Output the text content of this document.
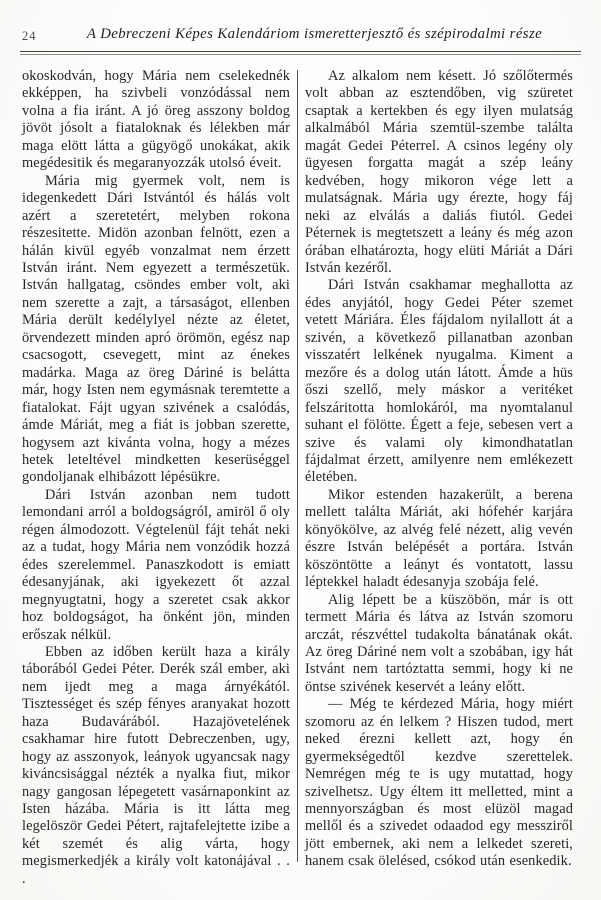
24	A Debreczeni Képes Kalendáriom ismeretterjesztő és szépirodalmi része

okoskodván, hogy Mária nem cselekednék ekképpen, ha szivbeli vonzódással nem volna a fia iránt. A jó öreg asszony boldog jövöt jósolt a fiataloknak és lélekben már maga elött látta a gügyögő unokákat, akik megédesitik és megaranyozzák utolsó éveit.

Mária mig gyermek volt, nem is idegenkedett Dári Istvántól és hálás volt azért a szeretetért, melyben rokona részesitette. Midön azonban felnött, ezen a hálán kivül egyéb vonzalmat nem érzett István iránt. Nem egyezett a természetük. István hallgatag, csöndes ember volt, aki nem szerette a zajt, a társaságot, ellenben Mária derült kedélylyel nézte az életet, örvendezett minden apró örömön, egész nap csacsogott, csevegett, mint az énekes madárka. Maga az öreg Dáriné is belátta már, hogy Isten nem egymásnak teremtette a fiatalokat. Fájt ugyan szivének a csalódás, ámde Máriát, meg a fiát is jobban szerette, hogysem azt kivánta volna, hogy a mézes hetek leteltével mindketten keserüséggel gondoljanak elhibázott lépésükre.

Dári István azonban nem tudott lemondani arról a boldogságról, amiröl ő oly régen álmodozott. Végtelenül fájt tehát neki az a tudat, hogy Mária nem vonzódik hozzá édes szerelemmel. Panaszkodott is emiatt édesanyjának, aki igyekezett őt azzal megnyugtatni, hogy a szeretet csak akkor hoz boldogságot, ha önként jön, minden erőszak nélkül.

Ebben az időben került haza a király táborából Gedei Péter. Derék szál ember, aki nem ijedt meg a maga árnyékától. Tisztességet és szép fényes aranyakat hozott haza Budavárából. Hazajövetelének csakhamar hire futott Debreczenben, ugy, hogy az asszonyok, leányok ugyancsak nagy kiváncsisággal nézték a nyalka fiut, mikor nagy gangosan lépegetett vasárnaponkint az Isten házába. Mária is itt látta meg legelöször Gedei Pétert, rajtafelejtette izibe a két szemét és alig várta, hogy megismerkedjék a király volt katonájával . . .

Az alkalom nem késett. Jó szőlőtermés volt abban az esztendőben, vig szüretet csaptak a kertekben és egy ilyen mulatság alkalmából Mária szemtül-szembe találta magát Gedei Péterrel. A csinos legény oly ügyesen forgatta magát a szép leány kedvében, hogy mikoron vége lett a mulatságnak. Mária ugy érezte, hogy fáj neki az elválás a daliás fiutól. Gedei Péternek is megtetszett a leány és még azon órában elhatározta, hogy elüti Máriát a Dári István kezéről.

Dári István csakhamar meghallotta az édes anyjától, hogy Gedei Péter szemet vetett Máriára. Éles fájdalom nyilallott át a szivén, a következő pillanatban azonban visszatért lelkének nyugalma. Kiment a mezőre és a dolog után látott. Ámde a hüs őszi szellő, mely máskor a veritéket felszáritotta homlokáról, ma nyomtalanul suhant el fölötte. Égett a feje, sebesen vert a szive és valami oly kimondhatatlan fájdalmat érzett, amilyenre nem emlékezett életében.

Mikor estenden hazakerült, a berena mellett találta Máriát, aki hófehér karjára könyökölve, az alvég felé nézett, alig vevén észre István belépését a portára. István köszöntötte a leányt és vontatott, lassu léptekkel haladt édesanyja szobája felé.

Alig lépett be a küszöbön, már is ott termett Mária és látva az István szomoru arczát, részvéttel tudakolta bánatának okát. Az öreg Dáriné nem volt a szobában, igy hát Istvánt nem tartóztatta semmi, hogy ki ne öntse szivének keservét a leány előtt.

— Még te kérdezed Mária, hogy miért szomoru az én lelkem ? Hiszen tudod, mert neked érezni kellett azt, hogy én gyermekségedtől kezdve szerettelek. Nemrégen még te is ugy mutattad, hogy szivelhetsz. Ugy éltem itt melletted, mint a mennyországban és most elüzöl magad mellől és a szivedet odaadod egy messziről jött embernek, aki nem a lelkedet szereti, hanem csak ölelésed, csókod után esenkedik.
